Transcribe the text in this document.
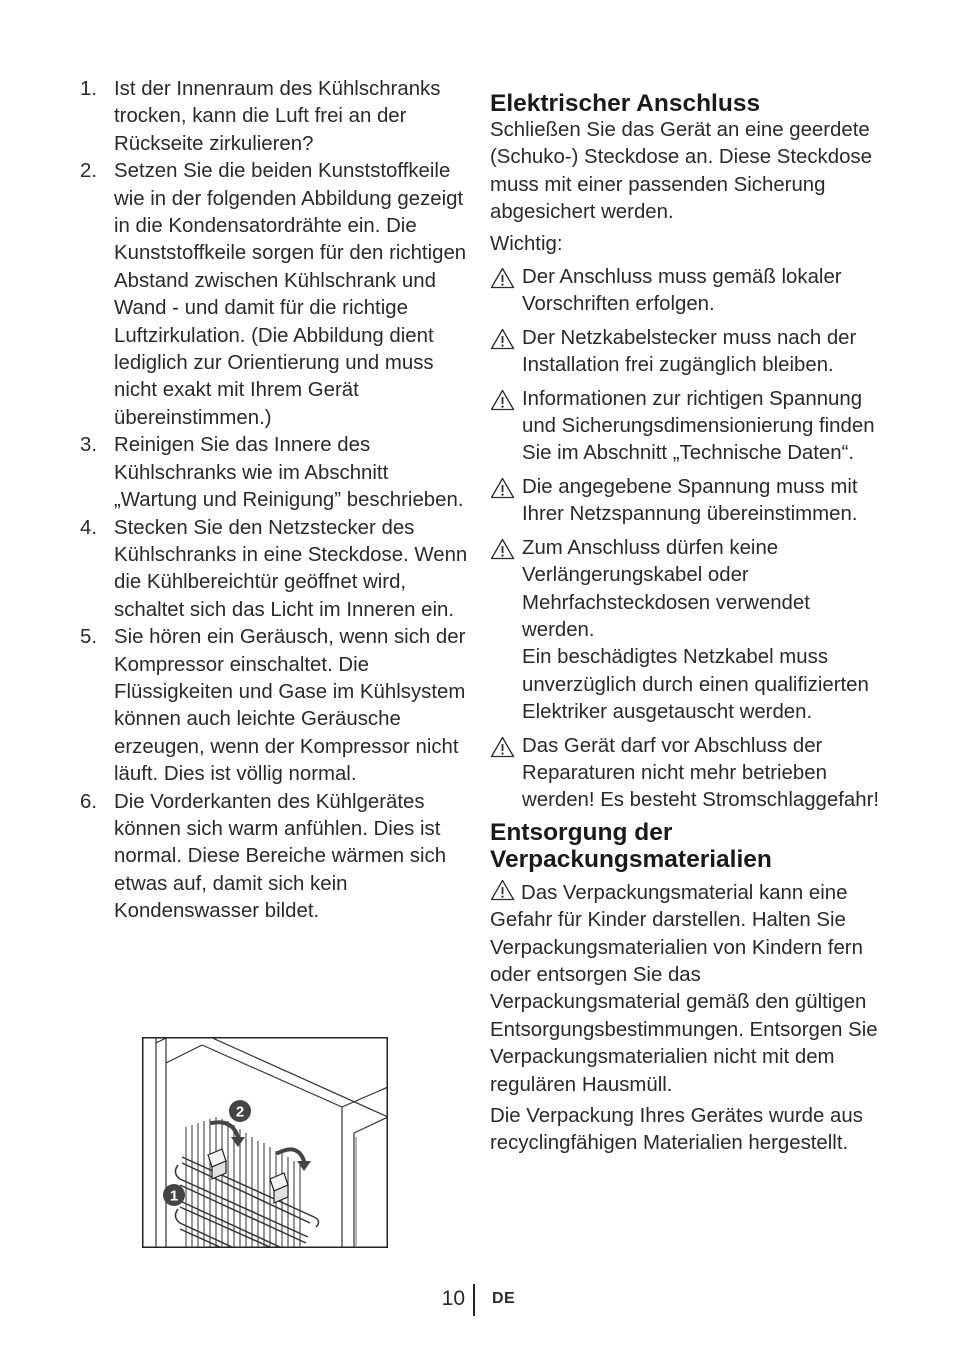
1. Ist der Innenraum des Kühlschranks trocken, kann die Luft frei an der Rückseite zirkulieren?
2. Setzen Sie die beiden Kunststoffkeile wie in der folgenden Abbildung gezeigt in die Kondensatordrähte ein. Die Kunststoffkeile sorgen für den richtigen Abstand zwischen Kühlschrank und Wand - und damit für die richtige Luftzirkulation. (Die Abbildung dient lediglich zur Orientierung und muss nicht exakt mit Ihrem Gerät übereinstimmen.)
3. Reinigen Sie das Innere des Kühlschranks wie im Abschnitt „Wartung und Reinigung” beschrieben.
4. Stecken Sie den Netzstecker des Kühlschranks in eine Steckdose. Wenn die Kühlbereichtür geöffnet wird, schaltet sich das Licht im Inneren ein.
5. Sie hören ein Geräusch, wenn sich der Kompressor einschaltet. Die Flüssigkeiten und Gase im Kühlsystem können auch leichte Geräusche erzeugen, wenn der Kompressor nicht läuft. Dies ist völlig normal.
6. Die Vorderkanten des Kühlgerätes können sich warm anfühlen. Dies ist normal. Diese Bereiche wärmen sich etwas auf, damit sich kein Kondenswasser bildet.
1
2
Elektrischer Anschluss

Schließen Sie das Gerät an eine geerdete (Schuko-) Steckdose an. Diese Steckdose muss mit einer passenden Sicherung abgesichert werden.

Wichtig:

Der Anschluss muss gemäß lokaler Vorschriften erfolgen.
Der Netzkabelstecker muss nach der Installation frei zugänglich bleiben.
Informationen zur richtigen Spannung und Sicherungsdimensionierung finden Sie im Abschnitt „Technische Daten“.
Die angegebene Spannung muss mit Ihrer Netzspannung übereinstimmen.
Zum Anschluss dürfen keine Verlängerungskabel oder Mehrfachsteckdosen verwendet werden.
Ein beschädigtes Netzkabel muss unverzüglich durch einen qualifizierten Elektriker ausgetauscht werden.
Das Gerät darf vor Abschluss der Reparaturen nicht mehr betrieben werden! Es besteht Stromschlaggefahr!
Entsorgung der Verpackungsmaterialien

Das Verpackungsmaterial kann eine Gefahr für Kinder darstellen. Halten Sie Verpackungsmaterialien von Kindern fern oder entsorgen Sie das Verpackungsmaterial gemäß den gültigen Entsorgungsbestimmungen. Entsorgen Sie Verpackungsmaterialien nicht mit dem regulären Hausmüll.

Die Verpackung Ihres Gerätes wurde aus recyclingfähigen Materialien hergestellt.

10 DE
